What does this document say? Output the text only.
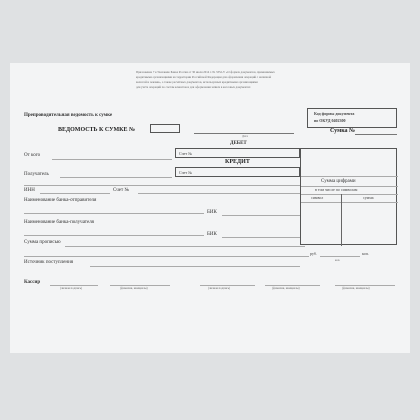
Приложение 7 к Указанию Банка России от 30 июля 2014 г. № 3352-У «О формах документов, применяемых
кредитными организациями на территории Российской Федерации для оформления операций с наличной
валютой и чеками», а также расчётных документов, используемых кредитными организациями
для учёта операций по счетам клиентов и для оформления записи в кассовых документах
Код формы документа
по ОКУД 0402300
Препроводительная ведомость к сумке
ВЕДОМОСТЬ К СУМКЕ №
Дата
Сумка №
ДЕБЕТ
Счет №
КРЕДИТ
Счет №
От кого
Получатель
ИНН	Счет №
Наименование банка-отправителя
БИК
Наименование банка-получателя
БИК
Сумма прописью
руб.	коп.
коп.
Источник поступления
Сумма цифрами
в том числе по символам
символ	сумма
Кассир
(личная подпись)	(фамилия, инициалы)	(личная подпись)	(фамилия, инициалы)	(фамилия, инициалы)
